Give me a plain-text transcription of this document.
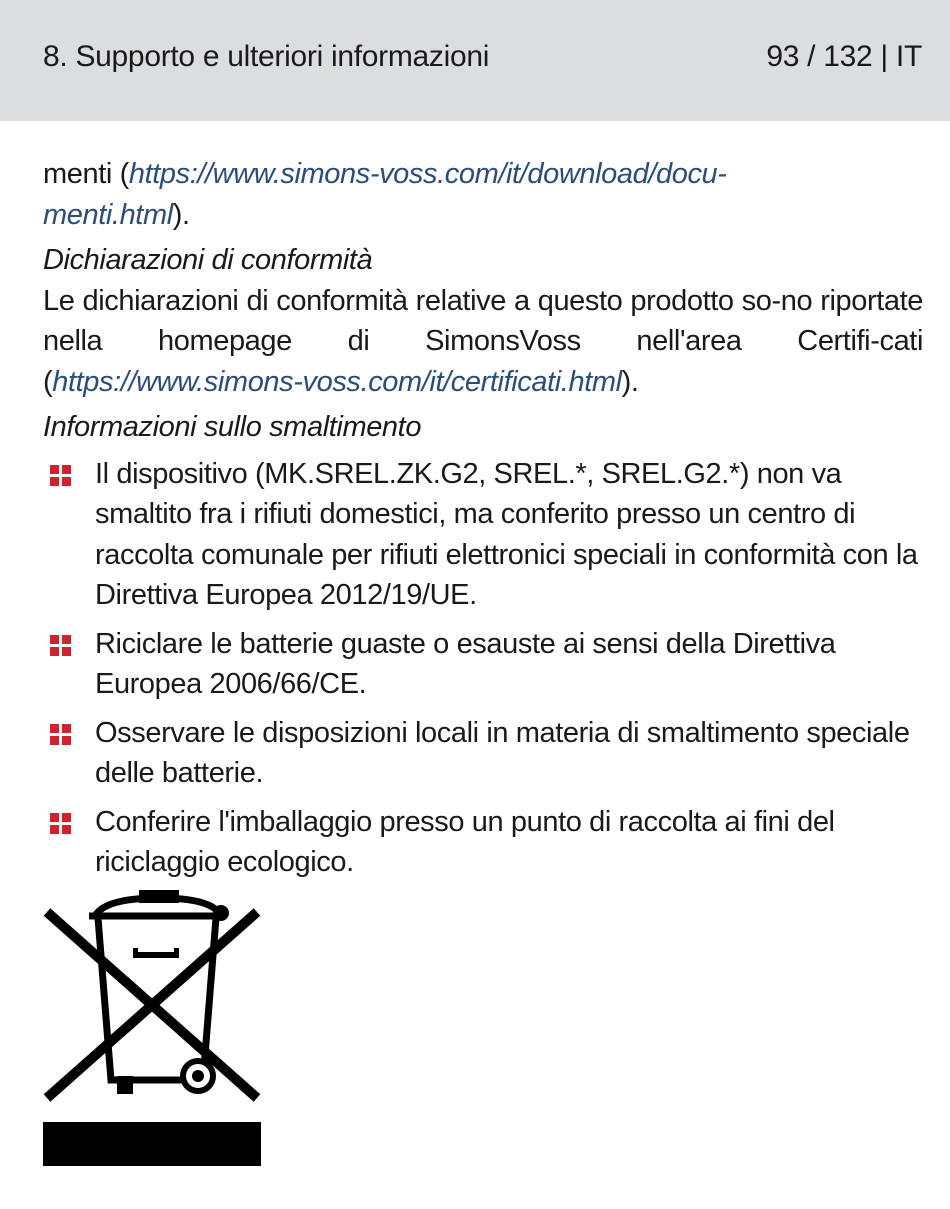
8. Supporto e ulteriori informazioni	93 / 132 | IT

menti (https://www.simons-voss.com/it/download/docu-
menti.html).

Dichiarazioni di conformità

Le dichiarazioni di conformità relative a questo prodotto so-no riportate nella homepage di SimonsVoss nell'area Certifi-cati (https://www.simons-voss.com/it/certificati.html).

Informazioni sullo smaltimento

Il dispositivo (MK.SREL.ZK.G2, SREL.*, SREL.G2.*) non va smaltito fra i rifiuti domestici, ma conferito presso un centro di raccolta comunale per rifiuti elettronici speciali in conformità con la Direttiva Europea 2012/19/UE.
Riciclare le batterie guaste o esauste ai sensi della Direttiva Europea 2006/66/CE.
Osservare le disposizioni locali in materia di smaltimento speciale delle batterie.
Conferire l'imballaggio presso un punto di raccolta ai fini del riciclaggio ecologico.
